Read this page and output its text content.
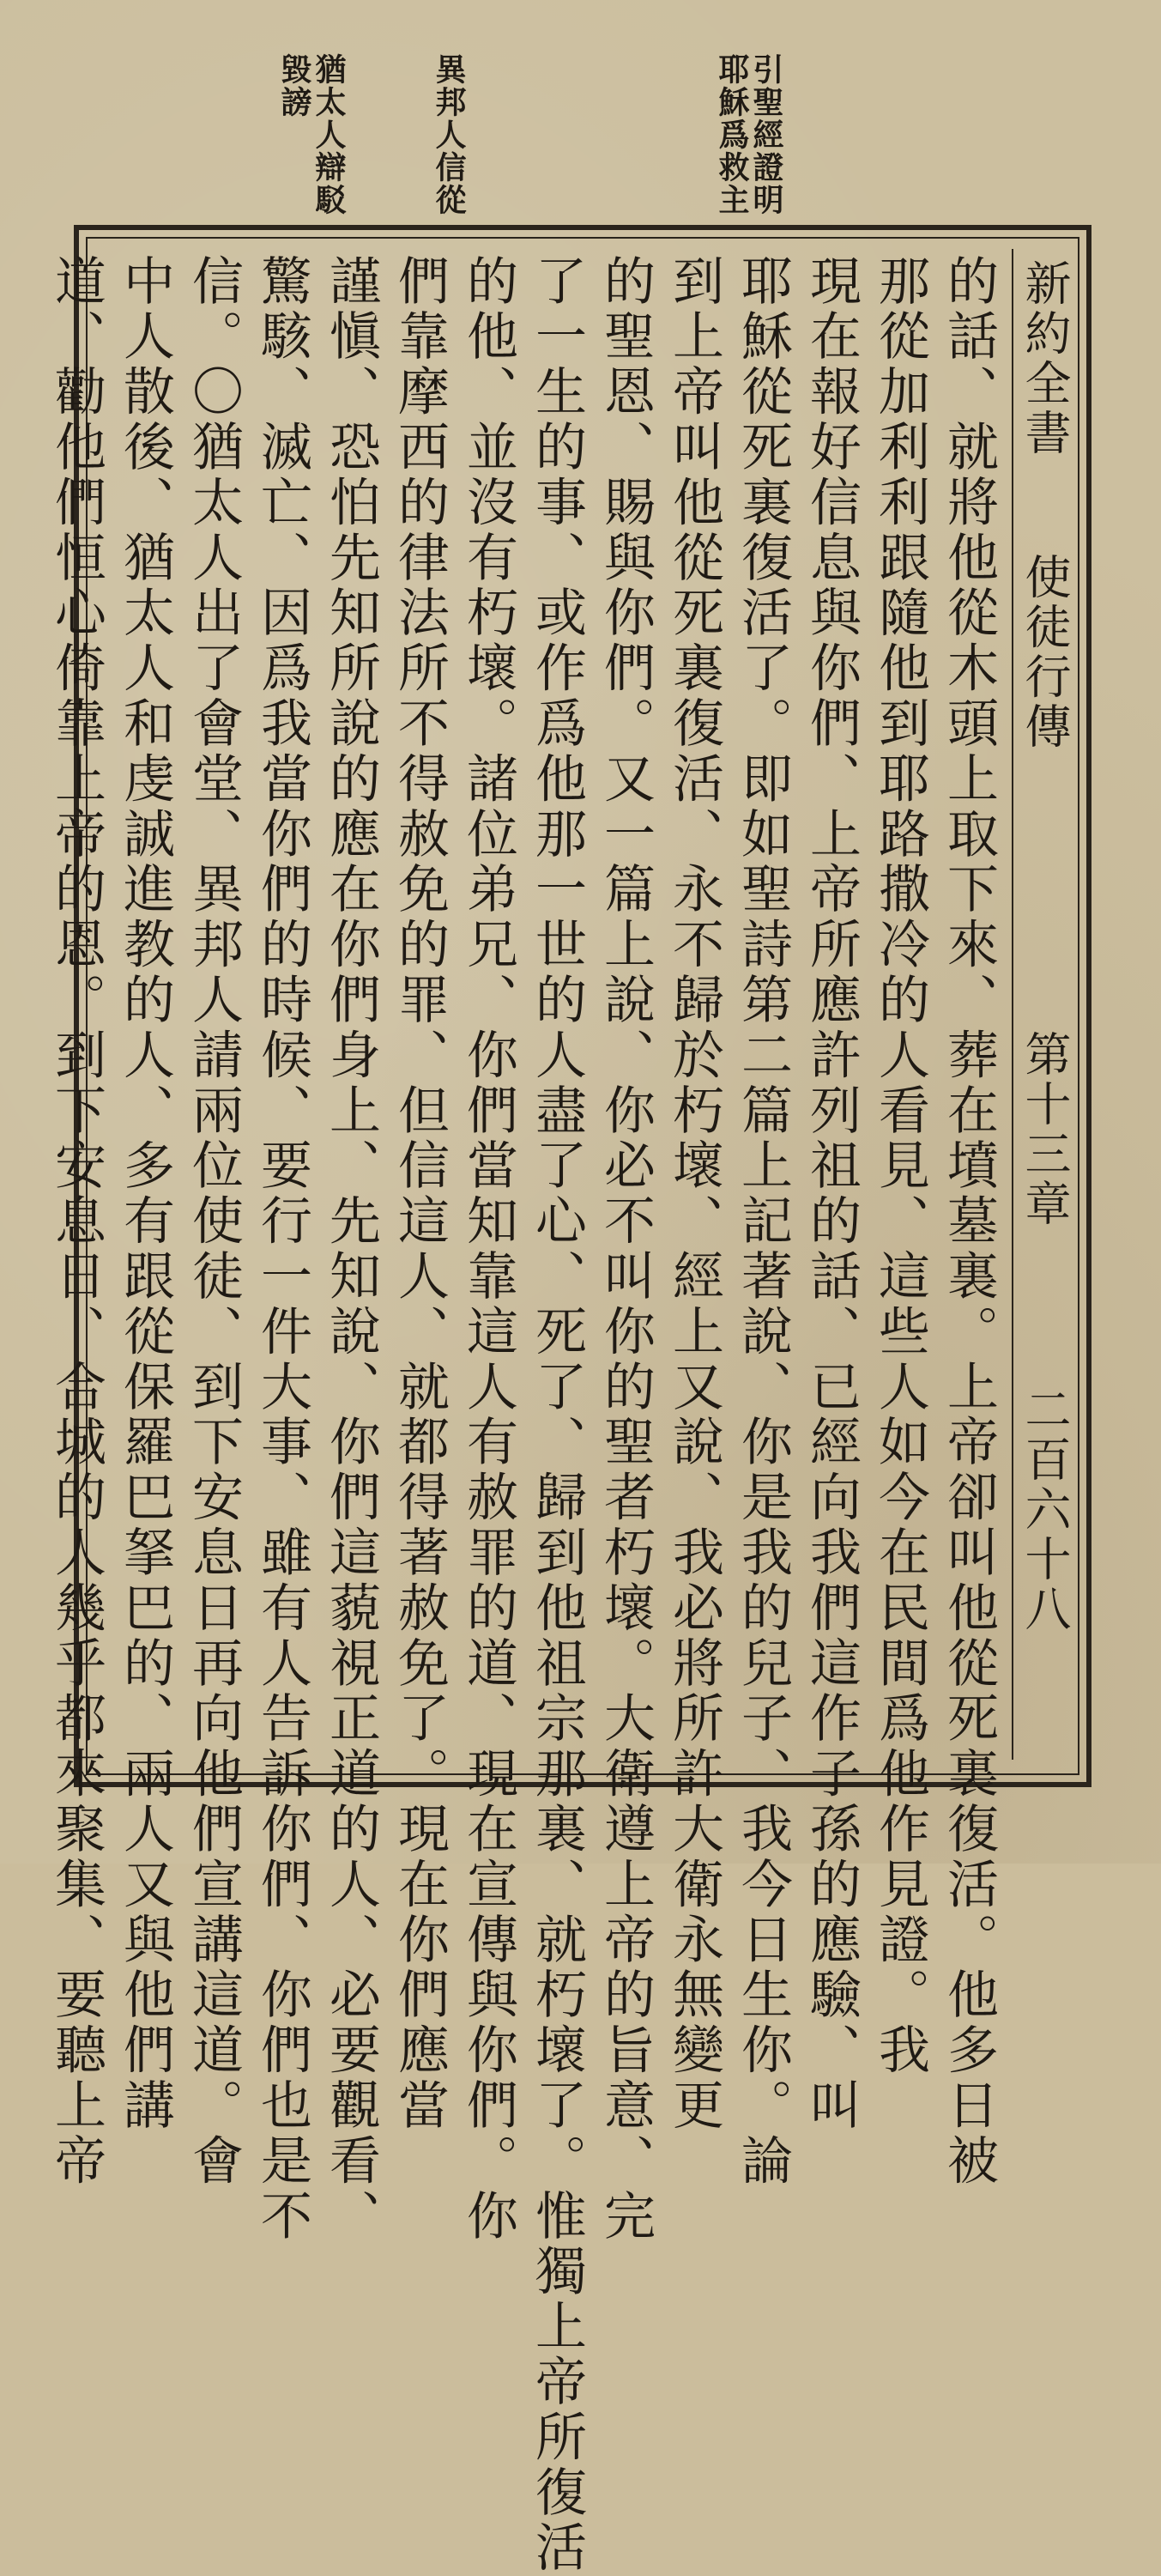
引聖經證明耶穌爲救主
異邦人信從
猶太人辯駁毀謗
新約全書
使徒行傳
第十三章
二百六十八
的話、就將他從木頭上取下來、葬在墳墓裏。上帝卻叫他從死裏復活。他多日被
那從加利利跟隨他到耶路撒冷的人看見、這些人如今在民間爲他作見證。我
現在報好信息與你們、上帝所應許列祖的話、已經向我們這作子孫的應驗、叫
耶穌從死裏復活了。即如聖詩第二篇上記著說、你是我的兒子、我今日生你。論
到上帝叫他從死裏復活、永不歸於朽壞、經上又說、我必將所許大衛永無變更
的聖恩、賜與你們。又一篇上說、你必不叫你的聖者朽壞。大衛遵上帝的旨意、完
了一生的事、或作爲他那一世的人盡了心、死了、歸到他祖宗那裏、就朽壞了。惟獨上帝所復活
的他、並沒有朽壞。諸位弟兄、你們當知靠這人有赦罪的道、現在宣傳與你們。你
們靠摩西的律法所不得赦免的罪、但信這人、就都得著赦免了。現在你們應當
謹愼、恐怕先知所說的應在你們身上、先知說、你們這藐視正道的人、必要觀看、
驚駭、滅亡、因爲我當你們的時候、要行一件大事、雖有人告訴你們、你們也是不
信。〇猶太人出了會堂、異邦人請兩位使徒、到下安息日再向他們宣講這道。會
中人散後、猶太人和虔誠進教的人、多有跟從保羅巴拏巴的、兩人又與他們講
道、勸他們恒心倚靠上帝的恩。到下安息日、合城的人幾乎都來聚集、要聽上帝
